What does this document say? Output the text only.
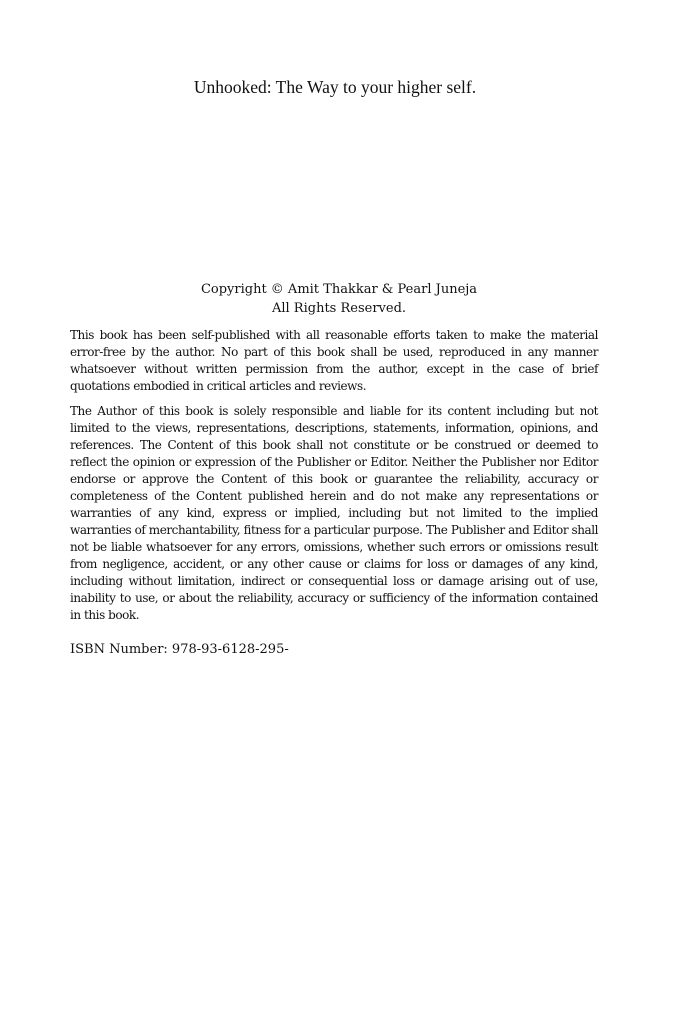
Unhooked: The Way to your higher self.
Copyright © Amit Thakkar & Pearl Juneja
All Rights Reserved.

This book has been self-published with all reasonable efforts taken to make the material error-free by the author. No part of this book shall be used, reproduced in any manner whatsoever without written permission from the author, except in the case of brief quotations embodied in critical articles and reviews.

The Author of this book is solely responsible and liable for its content including but not limited to the views, representations, descriptions, statements, information, opinions, and references. The Content of this book shall not constitute or be construed or deemed to reflect the opinion or expression of the Publisher or Editor. Neither the Publisher nor Editor endorse or approve the Content of this book or guarantee the reliability, accuracy or completeness of the Content published herein and do not make any representations or warranties of any kind, express or implied, including but not limited to the implied warranties of merchantability, fitness for a particular purpose. The Publisher and Editor shall not be liable whatsoever for any errors, omissions, whether such errors or omissions result from negligence, accident, or any other cause or claims for loss or damages of any kind, including without limitation, indirect or consequential loss or damage arising out of use, inability to use, or about the reliability, accuracy or sufficiency of the information contained in this book.

ISBN Number: 978-93-6128-295-
